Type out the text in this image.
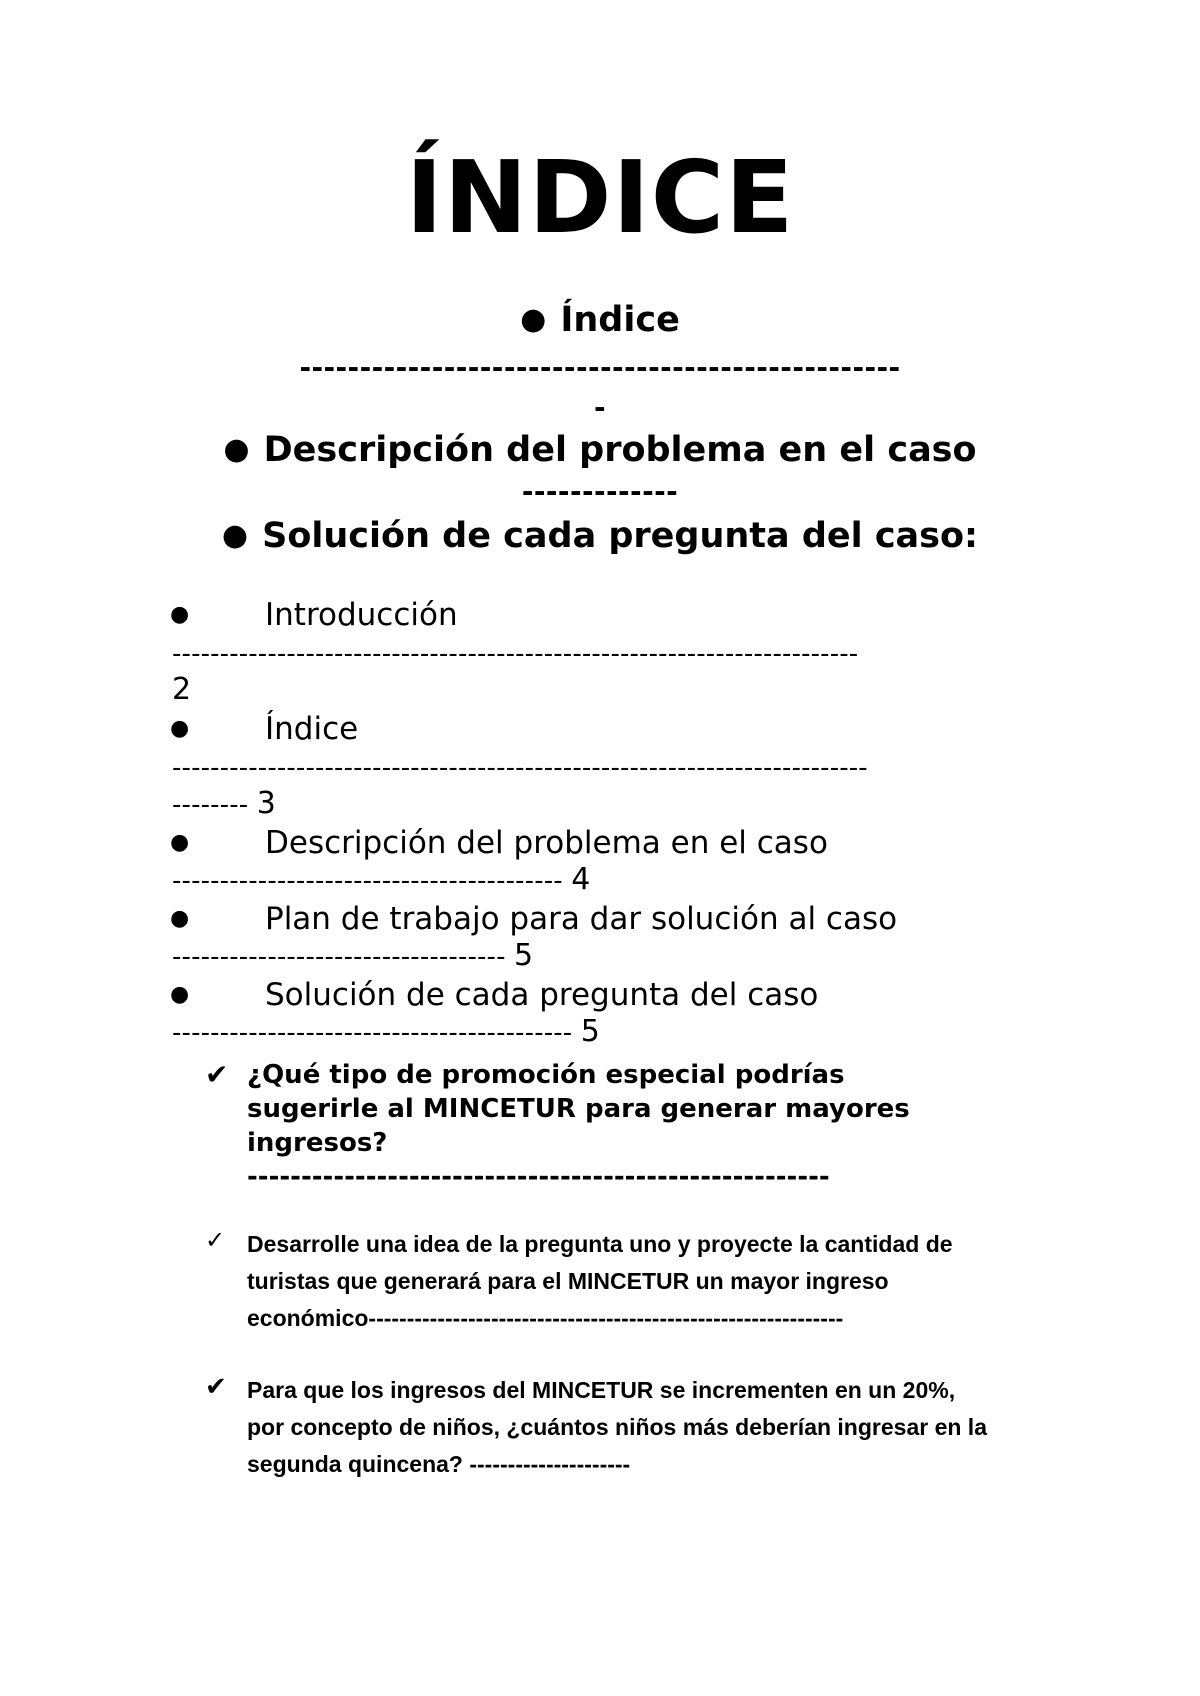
ÍNDICE
● Índice
--------------------------------------------------
-
● Descripción del problema en el caso
-------------
● Solución de cada pregunta del caso:
● Introducción
------------------------------------------------------------------------
2
● Índice
-------------------------------------------------------------------------
-------- 3
● Descripción del problema en el caso
----------------------------------------- 4
● Plan de trabajo para dar solución al caso
----------------------------------- 5
● Solución de cada pregunta del caso
------------------------------------------ 5
✔ ¿Qué tipo de promoción especial podrías
sugerirle al MINCETUR para generar mayores
ingresos?
------------------------------------------------------
✓ Desarrolle una idea de la pregunta uno y proyecte la cantidad de
turistas que generará para el MINCETUR un mayor ingreso
económico--------------------------------------------------------------
✔ Para que los ingresos del MINCETUR se incrementen en un 20%,
por concepto de niños, ¿cuántos niños más deberían ingresar en la
segunda quincena? ---------------------
